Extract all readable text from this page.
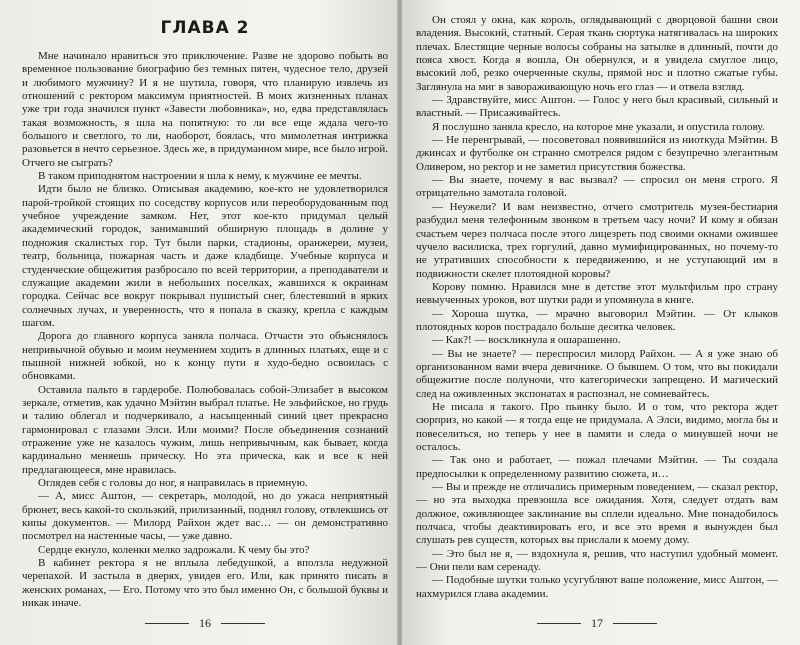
ГЛАВА 2

Мне начинало нравиться это приключение. Разве не здорово побыть во временное пользование биографию без темных пятен, чудесное тело, друзей и любимого мужчину? И я не шутила, говоря, что планирую извлечь из отношений с ректором максимум приятностей. В моих жизненных планах уже три года значился пункт «Завести любовника», но, едва представлялась такая возможность, я шла на попятную: то ли все еще ждала чего-то большого и светлого, то ли, наоборот, боялась, что мимолетная интрижка разовьется в нечто серьезное. Здесь же, в придуманном мире, все было игрой. Отчего не сыграть?

В таком приподнятом настроении я шла к нему, к мужчине ее мечты.

Идти было не близко. Описывая академию, кое-кто не удовлетворился парой-тройкой стоящих по соседству корпусов или переоборудованным под учебное учреждение замком. Нет, этот кое-кто придумал целый академический городок, занимавший обширную площадь в долине у подножия скалистых гор. Тут были парки, стадионы, оранжереи, музеи, театр, больница, пожарная часть и даже кладбище. Учебные корпуса и студенческие общежития разбросало по всей территории, а преподаватели и служащие академии жили в небольших поселках, жавшихся к окраинам городка. Сейчас все вокруг покрывал пушистый снег, блестевший в ярких солнечных лучах, и уверенность, что я попала в сказку, крепла с каждым шагом.

Дорога до главного корпуса заняла полчаса. Отчасти это объяснялось непривычной обувью и моим неумением ходить в длинных платьях, еще и с пышной нижней юбкой, но к концу пути я худо-бедно освоилась с обновками.

Оставила пальто в гардеробе. Полюбовалась собой-Элизабет в высоком зеркале, отметив, как удачно Мэйтин выбрал платье. Не эльфийское, но грудь и талию облегал и подчеркивало, а насыщенный синий цвет прекрасно гармонировал с глазами Элси. Или моими? После объединения сознаний отражение уже не казалось чужим, лишь непривычным, как бывает, когда кардинально меняешь прическу. Но эта прическа, как и все к ней предлагающееся, мне нравилась.

Оглядев себя с головы до ног, я направилась в приемную.

— А, мисс Аштон, — секретарь, молодой, но до ужаса неприятный брюнет, весь какой-то скользкий, прилизанный, поднял голову, отвлекшись от кипы документов. — Милорд Райхон ждет вас… — он демонстративно посмотрел на настенные часы, — уже давно.

Сердце екнуло, коленки мелко задрожали. К чему бы это?

В кабинет ректора я не вплыла лебедушкой, а вползла недужной черепахой. И застыла в дверях, увидев его. Или, как принято писать в женских романах, — Его. Потому что это был именно Он, с большой буквы и никак иначе.

16

Он стоял у окна, как король, оглядывающий с дворцовой башни свои владения. Высокий, статный. Серая ткань сюртука натягивалась на широких плечах. Блестящие черные волосы собраны на затылке в длинный, почти до пояса хвост. Когда я вошла, Он обернулся, и я увидела смуглое лицо, высокий лоб, резко очерченные скулы, прямой нос и плотно сжатые губы. Заглянула на миг в завораживающую ночь его глаз — и отвела взгляд.

— Здравствуйте, мисс Аштон. — Голос у него был красивый, сильный и властный. — Присаживайтесь.

Я послушно заняла кресло, на которое мне указали, и опустила голову.

— Не перенгрывай, — посоветовал появившийся из ниоткуда Мэйтин. В джинсах и футболке он странно смотрелся рядом с безупречно элегантным Оливером, но ректор и не заметил присутствия божества.

— Вы знаете, почему я вас вызвал? — спросил он меня строго. Я отрицательно замотала головой.

— Неужели? И вам неизвестно, отчего смотритель музея-бестиария разбудил меня телефонным звонком в третьем часу ночи? И кому я обязан счастьем через полчаса после этого лицезреть под своими окнами ожившее чучело василиска, трех горгулий, давно мумифицированных, но почему-то не утративших способности к передвижению, и не уступающий им в подвижности скелет плотоядной коровы?

Корову помню. Нравился мне в детстве этот мультфильм про страну невыученных уроков, вот шутки ради и упомянула в книге.

— Хороша шутка, — мрачно выговорил Мэйтин. — От клыков плотоядных коров пострадало больше десятка человек.

— Как?! — воскликнула я ошарашенно.

— Вы не знаете? — переспросил милорд Райхон. — А я уже знаю об организованном вами вчера девичнике. О бывшем. О том, что вы покидали общежитие после полуночи, что категорически запрещено. И магический след на оживленных экспонатах я распознал, не сомневайтесь.

Не писала я такого. Про пьянку было. И о том, что ректора ждет сюрприз, но какой — я тогда еще не придумала. А Элси, видимо, могла бы и повеселиться, но теперь у нее в памяти и следа о минувшей ночи не осталось.

— Так оно и работает, — пожал плечами Мэйтин. — Ты создала предпосылки к определенному развитию сюжета, и…

— Вы и прежде не отличались примерным поведением, — сказал ректор, — но эта выходка превзошла все ожидания. Хотя, следует отдать вам должное, оживляющее заклинание вы сплели идеально. Мне понадобилось полчаса, чтобы деактивировать его, и все это время я вынужден был слушать рев существ, которых вы прислали к моему дому.

— Это был не я, — вздохнула я, решив, что наступил удобный момент. — Они пели вам серенаду.

— Подобные шутки только усугубляют ваше положение, мисс Аштон, — нахмурился глава академии.

17
